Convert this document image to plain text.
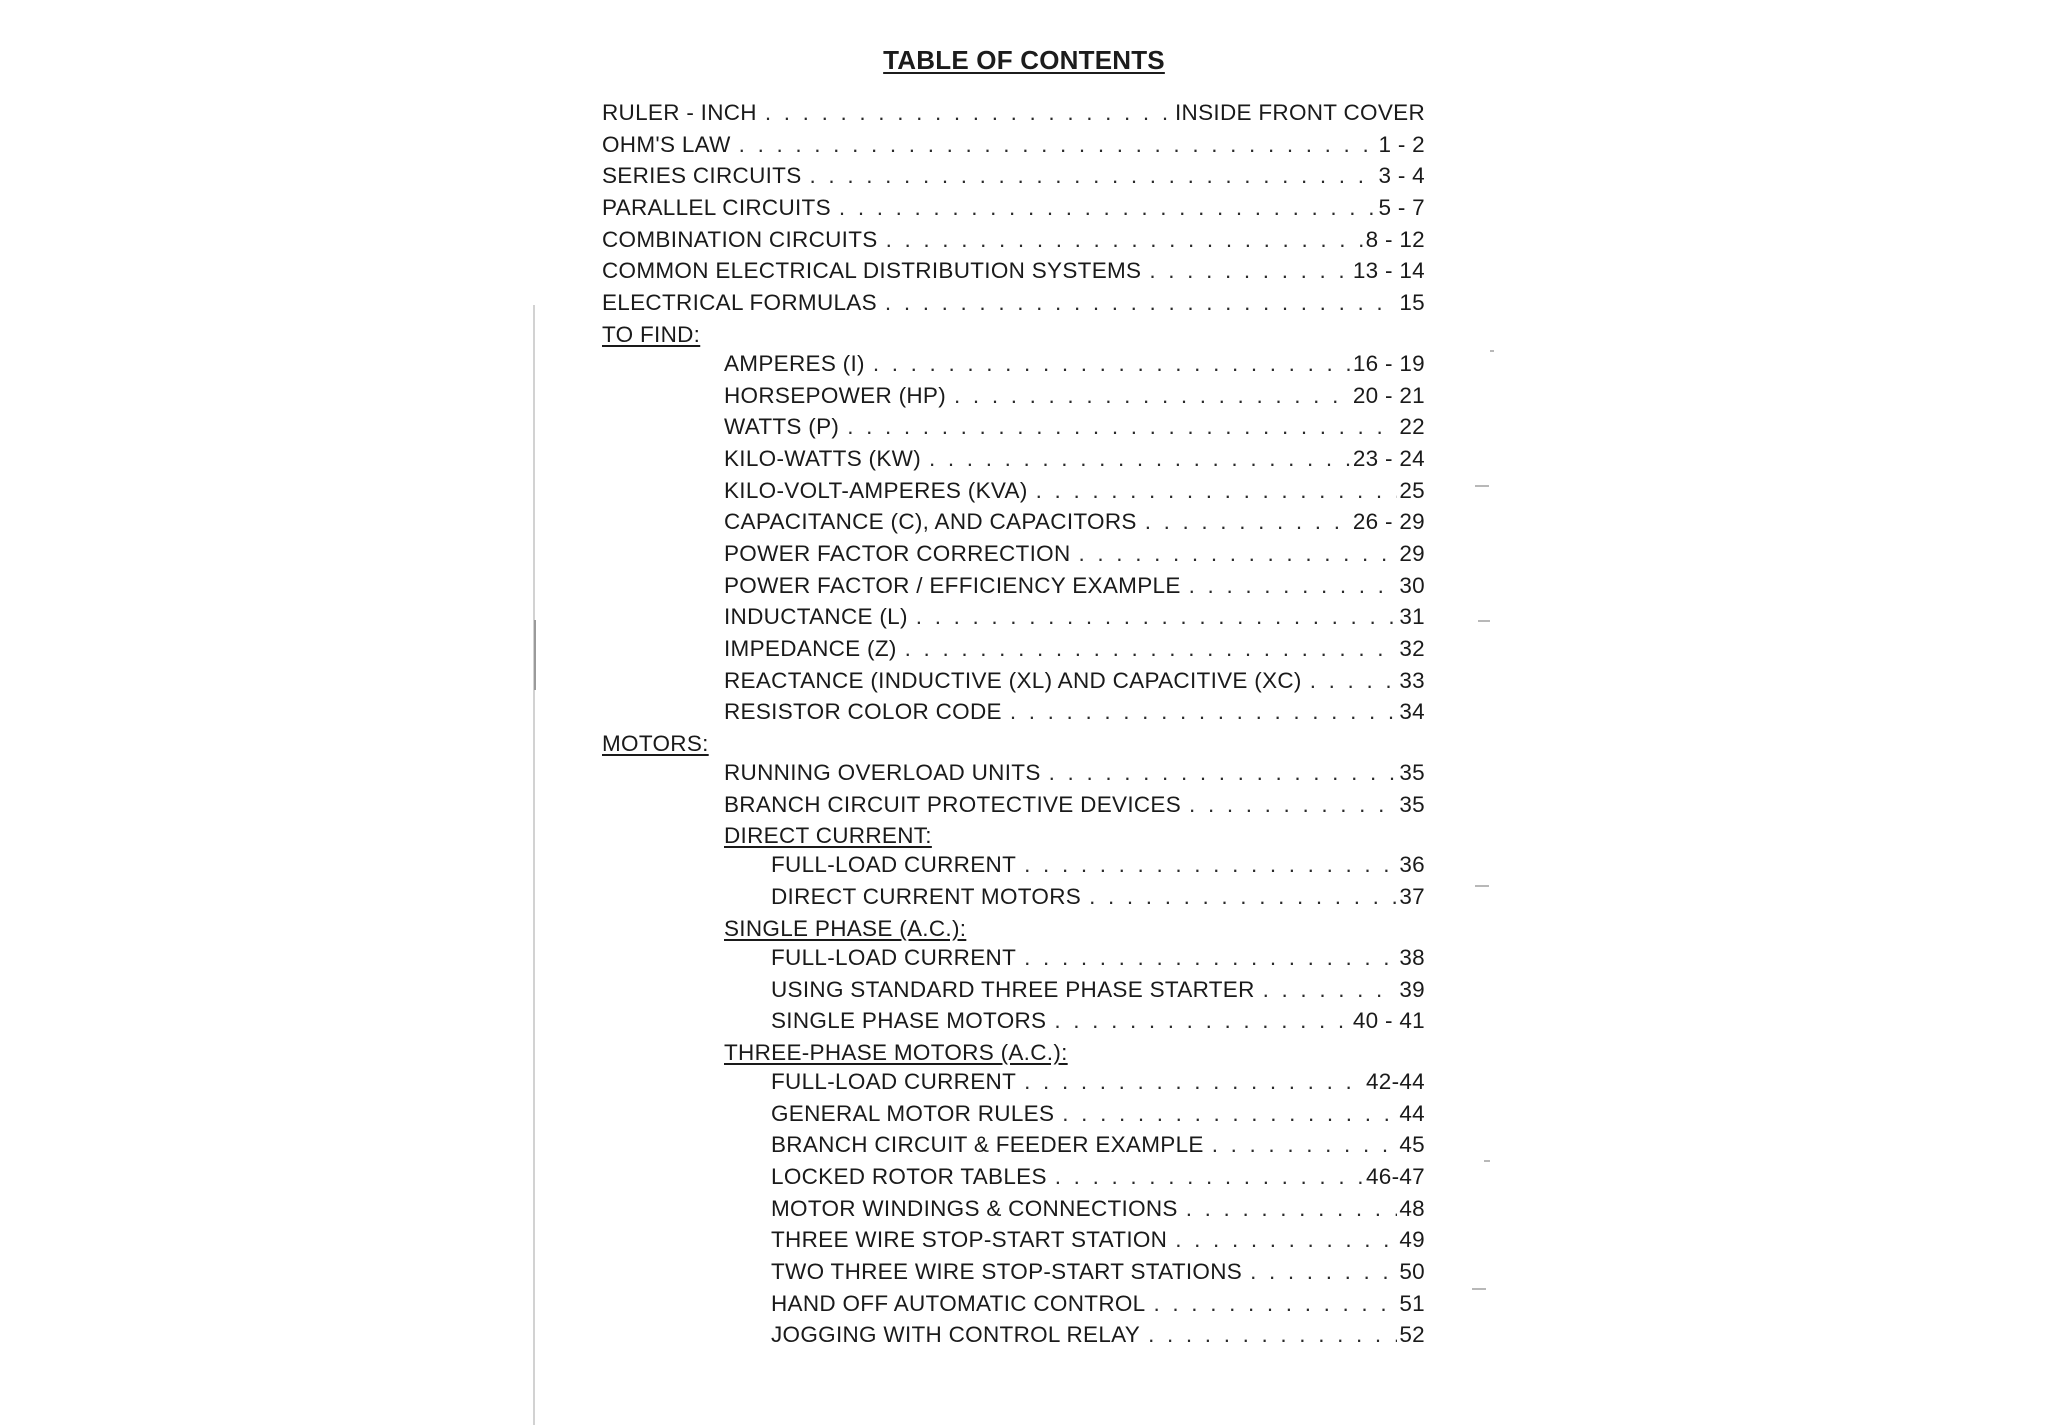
TABLE OF CONTENTS
RULER - INCH . . .	INSIDE FRONT COVER
OHM'S LAW . . .	1 - 2
SERIES CIRCUITS . . .	3 - 4
PARALLEL CIRCUITS . . .	5 - 7
COMBINATION CIRCUITS . . .	8 - 12
COMMON ELECTRICAL DISTRIBUTION SYSTEMS . . .	13 - 14
ELECTRICAL FORMULAS . . .	15
TO FIND:
AMPERES (I) . . .	16 - 19
HORSEPOWER (HP) . . .	20 - 21
WATTS (P) . . .	22
KILO-WATTS (KW) . . .	23 - 24
KILO-VOLT-AMPERES (KVA) . . .	25
CAPACITANCE (C), AND CAPACITORS . . .	26 - 29
POWER FACTOR CORRECTION . . .	29
POWER FACTOR / EFFICIENCY EXAMPLE . . .	30
INDUCTANCE (L) . . .	31
IMPEDANCE (Z) . . .	32
REACTANCE (INDUCTIVE (XL) AND CAPACITIVE (XC) . . .	33
RESISTOR COLOR CODE . . .	34
MOTORS:
RUNNING OVERLOAD UNITS . . .	35
BRANCH CIRCUIT PROTECTIVE DEVICES . . .	35
DIRECT CURRENT:
FULL-LOAD CURRENT . . .	36
DIRECT CURRENT MOTORS . . .	37
SINGLE PHASE (A.C.):
FULL-LOAD CURRENT . . .	38
USING STANDARD THREE PHASE STARTER . . .	39
SINGLE PHASE MOTORS . . .	40 - 41
THREE-PHASE MOTORS (A.C.):
FULL-LOAD CURRENT . . .	42-44
GENERAL MOTOR RULES . . .	44
BRANCH CIRCUIT & FEEDER EXAMPLE . . .	45
LOCKED ROTOR TABLES . . .	46-47
MOTOR WINDINGS & CONNECTIONS . . .	48
THREE WIRE STOP-START STATION . . .	49
TWO THREE WIRE STOP-START STATIONS . . .	50
HAND OFF AUTOMATIC CONTROL . . .	51
JOGGING WITH CONTROL RELAY . . .	52
